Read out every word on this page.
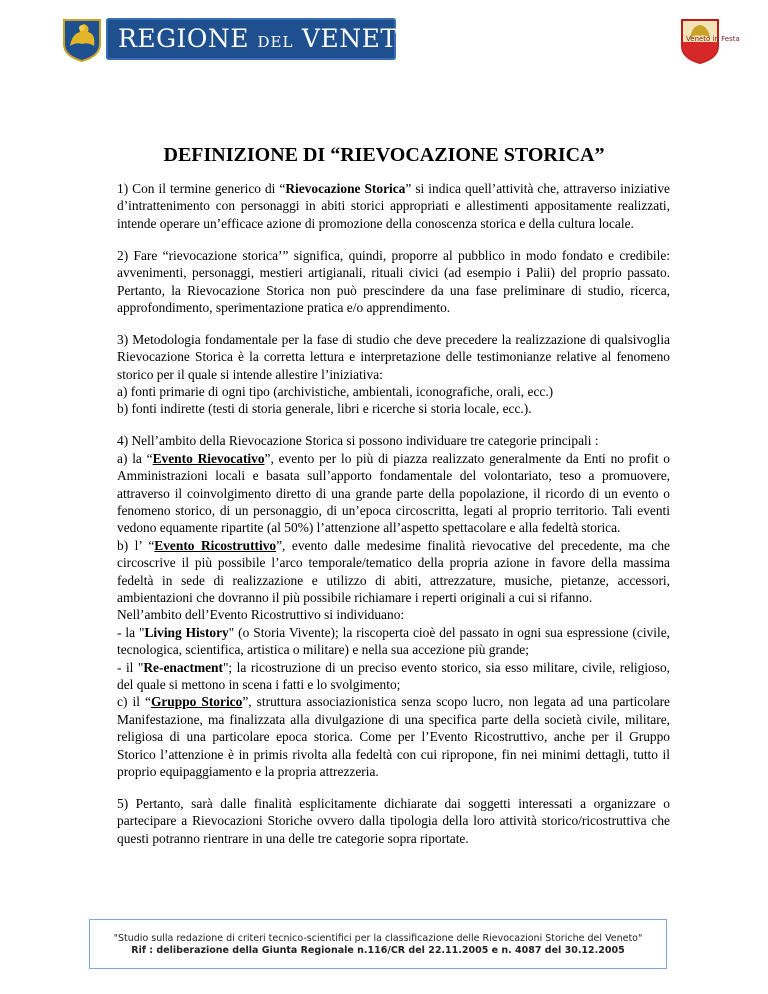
REGIONE DEL VENETO	Veneto in Festa
DEFINIZIONE DI “RIEVOCAZIONE STORICA”

1) Con il termine generico di “Rievocazione Storica” si indica quell’attività che, attraverso iniziative d’intrattenimento con personaggi in abiti storici appropriati e allestimenti appositamente realizzati, intende operare un’efficace azione di promozione della conoscenza storica e della cultura locale.

2) Fare “rievocazione storica’” significa, quindi, proporre al pubblico in modo fondato e credibile: avvenimenti, personaggi, mestieri artigianali, rituali civici (ad esempio i Palii) del proprio passato. Pertanto, la Rievocazione Storica non può prescindere da una fase preliminare di studio, ricerca, approfondimento, sperimentazione pratica e/o apprendimento.

3) Metodologia fondamentale per la fase di studio che deve precedere la realizzazione di qualsivoglia Rievocazione Storica è la corretta lettura e interpretazione delle testimonianze relative al fenomeno storico per il quale si intende allestire l’iniziativa:
a) fonti primarie di ogni tipo (archivistiche, ambientali, iconografiche, orali, ecc.)
b) fonti indirette (testi di storia generale, libri e ricerche si storia locale, ecc.).

4) Nell’ambito della Rievocazione Storica si possono individuare tre categorie principali :
a) la “Evento Rievocativo”, evento per lo più di piazza realizzato generalmente da Enti no profit o Amministrazioni locali e basata sull’apporto fondamentale del volontariato, teso a promuovere, attraverso il coinvolgimento diretto di una grande parte della popolazione, il ricordo di un evento o fenomeno storico, di un personaggio, di un’epoca circoscritta, legati al proprio territorio. Tali eventi vedono equamente ripartite (al 50%) l’attenzione all’aspetto spettacolare e alla fedeltà storica.
b) l’ “Evento Ricostruttivo”, evento dalle medesime finalità rievocative del precedente, ma che circoscrive il più possibile l’arco temporale/tematico della propria azione in favore della massima fedeltà in sede di realizzazione e utilizzo di abiti, attrezzature, musiche, pietanze, accessori, ambientazioni che dovranno il più possibile richiamare i reperti originali a cui si rifanno.
Nell’ambito dell’Evento Ricostruttivo si individuano:
- la "Living History" (o Storia Vivente); la riscoperta cioè del passato in ogni sua espressione (civile, tecnologica, scientifica, artistica o militare) e nella sua accezione più grande;
- il "Re-enactment"; la ricostruzione di un preciso evento storico, sia esso militare, civile, religioso, del quale si mettono in scena i fatti e lo svolgimento;
c) il “Gruppo Storico”, struttura associazionistica senza scopo lucro, non legata ad una particolare Manifestazione, ma finalizzata alla divulgazione di una specifica parte della società civile, militare, religiosa di una particolare epoca storica. Come per l’Evento Ricostruttivo, anche per il Gruppo Storico l’attenzione è in primis rivolta alla fedeltà con cui ripropone, fin nei minimi dettagli, tutto il proprio equipaggiamento e la propria attrezzeria.

5) Pertanto, sarà dalle finalità esplicitamente dichiarate dai soggetti interessati a organizzare o partecipare a Rievocazioni Storiche ovvero dalla tipologia della loro attività storico/ricostruttiva che questi potranno rientrare in una delle tre categorie sopra riportate.

"Studio sulla redazione di criteri tecnico-scientifici per la classificazione delle Rievocazioni Storiche del Veneto"
Rif : deliberazione della Giunta Regionale n.116/CR del 22.11.2005 e n. 4087 del 30.12.2005
